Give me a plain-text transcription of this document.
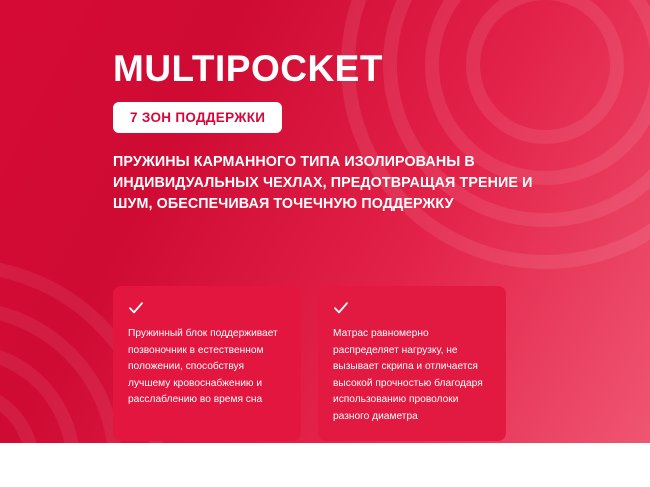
MULTIPOCKET
7 ЗОН ПОДДЕРЖКИ
ПРУЖИНЫ КАРМАННОГО ТИПА ИЗОЛИРОВАНЫ В ИНДИВИДУАЛЬНЫХ ЧЕХЛАХ, ПРЕДОТВРАЩАЯ ТРЕНИЕ И ШУМ, ОБЕСПЕЧИВАЯ ТОЧЕЧНУЮ ПОДДЕРЖКУ
Пружинный блок поддерживает позвоночник в естественном положении, способствуя лучшему кровоснабжению и расслаблению во время сна
Матрас равномерно распределяет нагрузку, не вызывает скрипа и отличается высокой прочностью благодаря использованию проволоки разного диаметра
